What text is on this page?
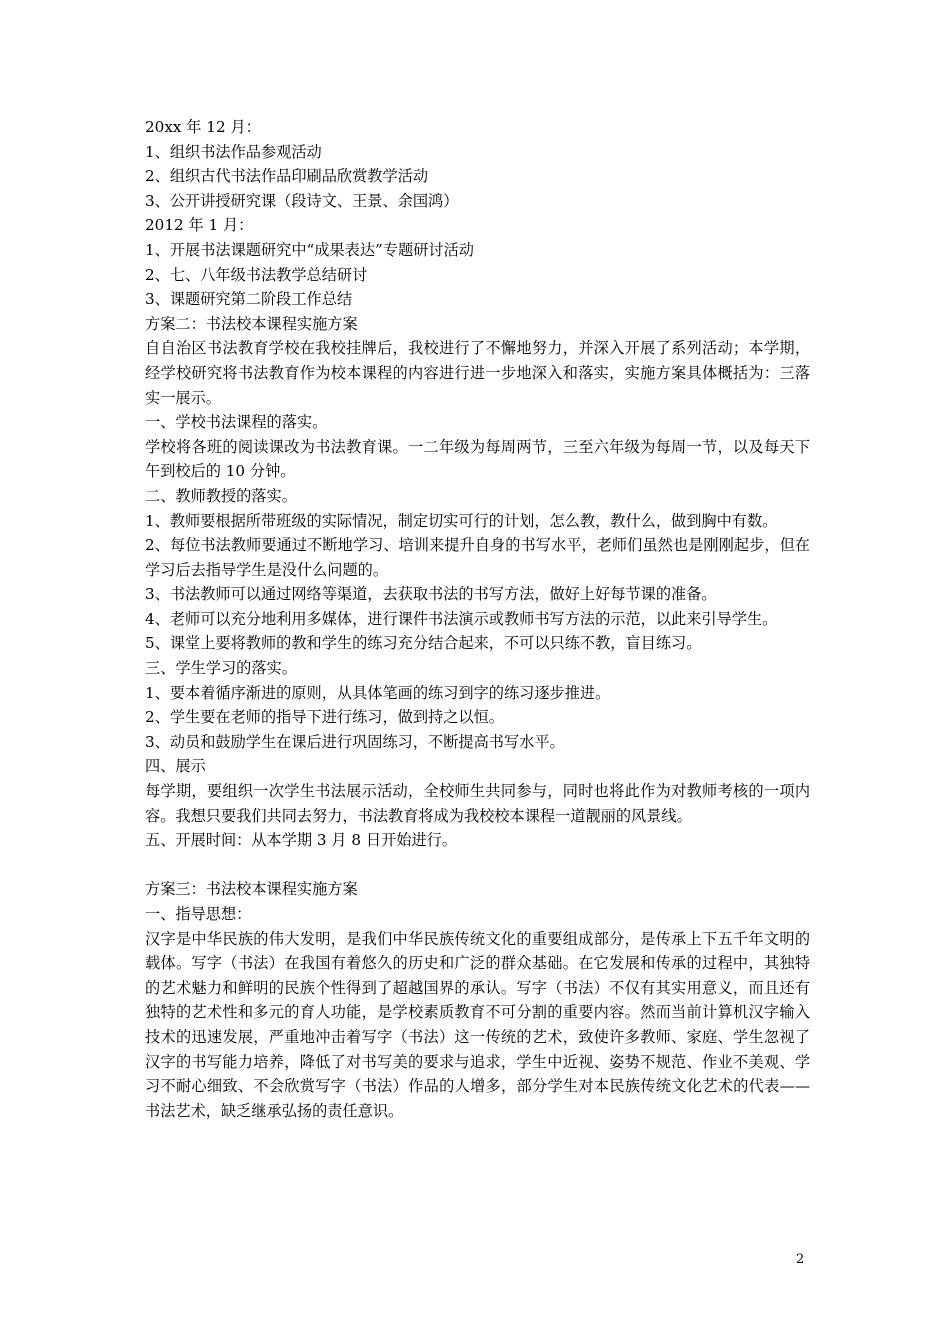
20xx 年 12 月：

1、组织书法作品参观活动

2、组织古代书法作品印刷品欣赏教学活动

3、公开讲授研究课（段诗文、王景、余国鸿）

2012 年 1 月：

1、开展书法课题研究中“成果表达”专题研讨活动

2、七、八年级书法教学总结研讨

3、课题研究第二阶段工作总结

方案二：书法校本课程实施方案

自自治区书法教育学校在我校挂牌后，我校进行了不懈地努力，并深入开展了系列活动；本学期，经学校研究将书法教育作为校本课程的内容进行进一步地深入和落实，实施方案具体概括为：三落实一展示。

一、学校书法课程的落实。

学校将各班的阅读课改为书法教育课。一二年级为每周两节，三至六年级为每周一节，以及每天下午到校后的 10 分钟。

二、教师教授的落实。

1、教师要根据所带班级的实际情况，制定切实可行的计划，怎么教，教什么，做到胸中有数。

2、每位书法教师要通过不断地学习、培训来提升自身的书写水平，老师们虽然也是刚刚起步，但在学习后去指导学生是没什么问题的。

3、书法教师可以通过网络等渠道，去获取书法的书写方法，做好上好每节课的准备。

4、老师可以充分地利用多媒体，进行课件书法演示或教师书写方法的示范，以此来引导学生。

5、课堂上要将教师的教和学生的练习充分结合起来，不可以只练不教，盲目练习。

三、学生学习的落实。

1、要本着循序渐进的原则，从具体笔画的练习到字的练习逐步推进。

2、学生要在老师的指导下进行练习，做到持之以恒。

3、动员和鼓励学生在课后进行巩固练习，不断提高书写水平。

四、展示

每学期，要组织一次学生书法展示活动，全校师生共同参与，同时也将此作为对教师考核的一项内容。我想只要我们共同去努力，书法教育将成为我校校本课程一道靓丽的风景线。

五、开展时间：从本学期 3 月 8 日开始进行。

方案三：书法校本课程实施方案

一、指导思想：

汉字是中华民族的伟大发明，是我们中华民族传统文化的重要组成部分，是传承上下五千年文明的载体。写字（书法）在我国有着悠久的历史和广泛的群众基础。在它发展和传承的过程中，其独特的艺术魅力和鲜明的民族个性得到了超越国界的承认。写字（书法）不仅有其实用意义，而且还有独特的艺术性和多元的育人功能，是学校素质教育不可分割的重要内容。然而当前计算机汉字输入技术的迅速发展，严重地冲击着写字（书法）这一传统的艺术，致使许多教师、家庭、学生忽视了汉字的书写能力培养，降低了对书写美的要求与追求，学生中近视、姿势不规范、作业不美观、学习不耐心细致、不会欣赏写字（书法）作品的人增多，部分学生对本民族传统文化艺术的代表——书法艺术，缺乏继承弘扬的责任意识。

2
